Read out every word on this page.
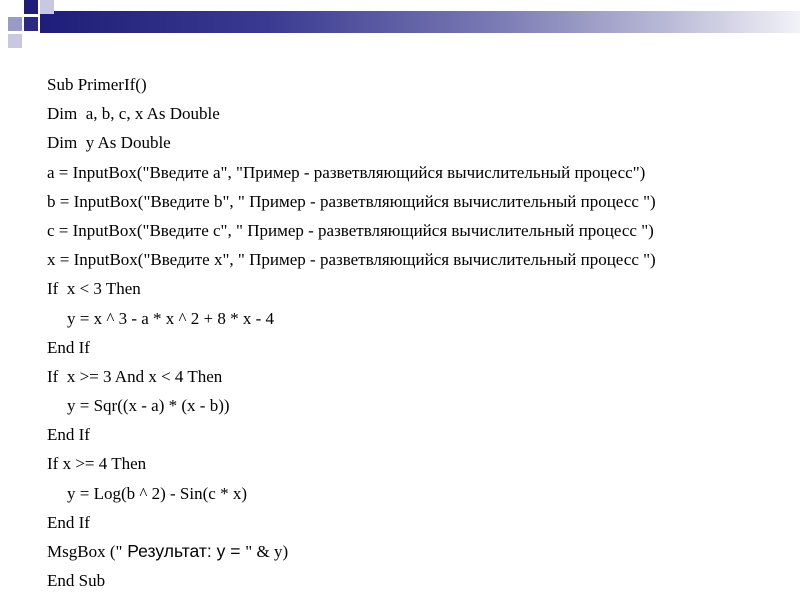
Sub PrimerIf()
Dim  a, b, c, x As Double
Dim  y As Double
a = InputBox("Введите a", "Пример - разветвляющийся вычислительный процесс")
b = InputBox("Введите b", " Пример - разветвляющийся вычислительный процесс ")
c = InputBox("Введите c", " Пример - разветвляющийся вычислительный процесс ")
x = InputBox("Введите x", " Пример - разветвляющийся вычислительный процесс ")
If  x < 3 Then
y = x ^ 3 - a * x ^ 2 + 8 * x - 4
End If
If  x >= 3 And x < 4 Then
y = Sqr((x - a) * (x - b))
End If
If x >= 4 Then
y = Log(b ^ 2) - Sin(c * x)
End If
MsgBox (" Результат: y = " & y)
End Sub
